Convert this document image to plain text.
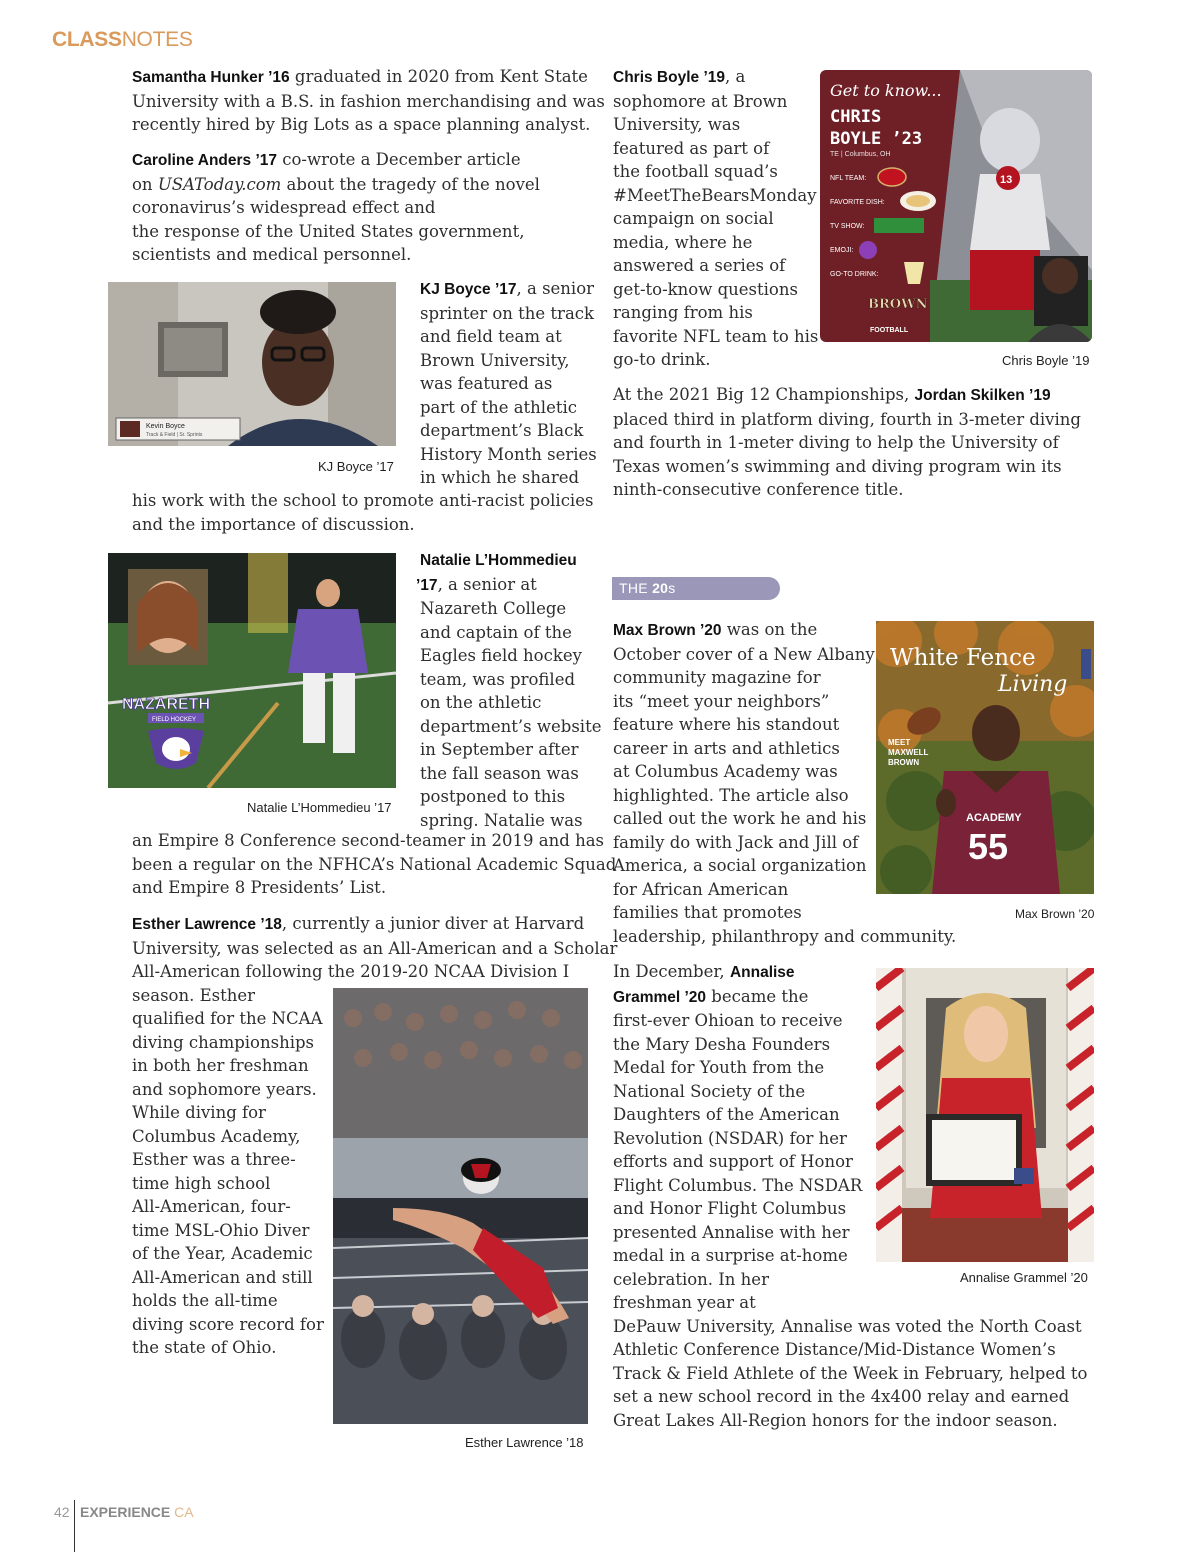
CLASSNOTES
Samantha Hunker ’16 graduated in 2020 from Kent State
University with a B.S. in fashion merchandising and was
recently hired by Big Lots as a space planning analyst.
Caroline Anders ’17 co-wrote a December article
on USAToday.com about the tragedy of the novel
coronavirus’s widespread effect and
the response of the United States government,
scientists and medical personnel.
Kevin Boyce
Track & Field | Sr. Sprints
KJ Boyce ’17
KJ Boyce ’17, a senior
sprinter on the track
and field team at
Brown University,
was featured as
part of the athletic
department’s Black
History Month series
in which he shared
his work with the school to promote anti-racist policies
and the importance of discussion.
NAZARETH
FIELD HOCKEY
Natalie L’Hommedieu ’17
Natalie L’Hommedieu
’17, a senior at
Nazareth College
and captain of the
Eagles field hockey
team, was profiled
on the athletic
department’s website
in September after
the fall season was
postponed to this
spring. Natalie was
an Empire 8 Conference second-teamer in 2019 and has
been a regular on the NFHCA’s National Academic Squad
and Empire 8 Presidents’ List.
Esther Lawrence ’18, currently a junior diver at Harvard
University, was selected as an All-American and a Scholar
All-American following the 2019-20 NCAA Division I
season. Esther
qualified for the NCAA
diving championships
in both her freshman
and sophomore years.
While diving for
Columbus Academy,
Esther was a three-
time high school
All-American, four-
time MSL-Ohio Diver
of the Year, Academic
All-American and still
holds the all-time
diving score record for
the state of Ohio.
Esther Lawrence ’18
Chris Boyle ’19, a
sophomore at Brown
University, was
featured as part of
the football squad’s
#MeetTheBearsMonday
campaign on social
media, where he
answered a series of
get-to-know questions
ranging from his
favorite NFL team to his
go-to drink.
13
Get to know...
CHRIS
BOYLE ’23
TE | Columbus, OH
NFL TEAM:
FAVORITE DISH:
TV SHOW:
EMOJI:
GO-TO DRINK:
BROWN
FOOTBALL
Chris Boyle ’19
At the 2021 Big 12 Championships, Jordan Skilken ’19
placed third in platform diving, fourth in 3-meter diving
and fourth in 1-meter diving to help the University of
Texas women’s swimming and diving program win its
ninth-consecutive conference title.
THE 20s
Max Brown ’20 was on the
October cover of a New Albany
community magazine for
its “meet your neighbors”
feature where his standout
career in arts and athletics
at Columbus Academy was
highlighted. The article also
called out the work he and his
family do with Jack and Jill of
America, a social organization
for African American
families that promotes
leadership, philanthropy and community.
White Fence
Living
ACADEMY
55
MEET
MAXWELL
BROWN
Max Brown ’20
In December, Annalise
Grammel ’20 became the
first-ever Ohioan to receive
the Mary Desha Founders
Medal for Youth from the
National Society of the
Daughters of the American
Revolution (NSDAR) for her
efforts and support of Honor
Flight Columbus. The NSDAR
and Honor Flight Columbus
presented Annalise with her
medal in a surprise at-home
celebration. In her
freshman year at
DePauw University, Annalise was voted the North Coast
Athletic Conference Distance/Mid-Distance Women’s
Track & Field Athlete of the Week in February, helped to
set a new school record in the 4x400 relay and earned
Great Lakes All-Region honors for the indoor season.
Annalise Grammel ’20
42 EXPERIENCE CA
